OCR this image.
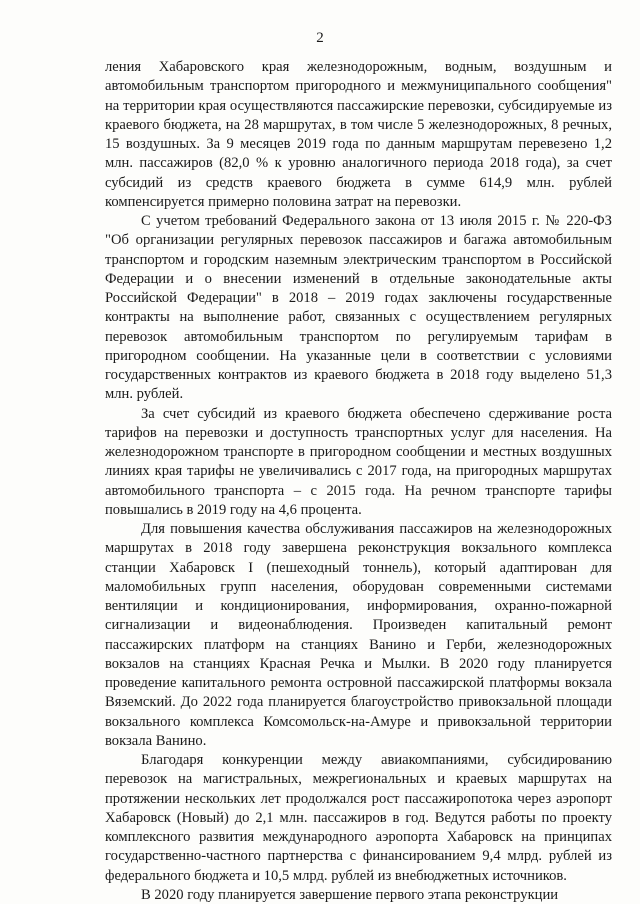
2

ления Хабаровского края железнодорожным, водным, воздушным и автомобильным транспортом пригородного и межмуниципального сообщения" на территории края осуществляются пассажирские перевозки, субсидируемые из краевого бюджета, на 28 маршрутах, в том числе 5 железнодорожных, 8 речных, 15 воздушных. За 9 месяцев 2019 года по данным маршрутам перевезено 1,2 млн. пассажиров (82,0 % к уровню аналогичного периода 2018 года), за счет субсидий из средств краевого бюджета в сумме 614,9 млн. рублей компенсируется примерно половина затрат на перевозки.

С учетом требований Федерального закона от 13 июля 2015 г. № 220-ФЗ "Об организации регулярных перевозок пассажиров и багажа автомобильным транспортом и городским наземным электрическим транспортом в Российской Федерации и о внесении изменений в отдельные законодательные акты Российской Федерации" в 2018 – 2019 годах заключены государственные контракты на выполнение работ, связанных с осуществлением регулярных перевозок автомобильным транспортом по регулируемым тарифам в пригородном сообщении. На указанные цели в соответствии с условиями государственных контрактов из краевого бюджета в 2018 году выделено 51,3 млн. рублей.

За счет субсидий из краевого бюджета обеспечено сдерживание роста тарифов на перевозки и доступность транспортных услуг для населения. На железнодорожном транспорте в пригородном сообщении и местных воздушных линиях края тарифы не увеличивались с 2017 года, на пригородных маршрутах автомобильного транспорта – с 2015 года. На речном транспорте тарифы повышались в 2019 году на 4,6 процента.

Для повышения качества обслуживания пассажиров на железнодорожных маршрутах в 2018 году завершена реконструкция вокзального комплекса станции Хабаровск I (пешеходный тоннель), который адаптирован для маломобильных групп населения, оборудован современными системами вентиляции и кондиционирования, информирования, охранно-пожарной сигнализации и видеонаблюдения. Произведен капитальный ремонт пассажирских платформ на станциях Ванино и Герби, железнодорожных вокзалов на станциях Красная Речка и Мылки. В 2020 году планируется проведение капитального ремонта островной пассажирской платформы вокзала Вяземский. До 2022 года планируется благоустройство привокзальной площади вокзального комплекса Комсомольск-на-Амуре и привокзальной территории вокзала Ванино.

Благодаря конкуренции между авиакомпаниями, субсидированию перевозок на магистральных, межрегиональных и краевых маршрутах на протяжении нескольких лет продолжался рост пассажиропотока через аэропорт Хабаровск (Новый) до 2,1 млн. пассажиров в год. Ведутся работы по проекту комплексного развития международного аэропорта Хабаровск на принципах государственно-частного партнерства с финансированием 9,4 млрд. рублей из федерального бюджета и 10,5 млрд. рублей из внебюджетных источников.

В 2020 году планируется завершение первого этапа реконструкции
